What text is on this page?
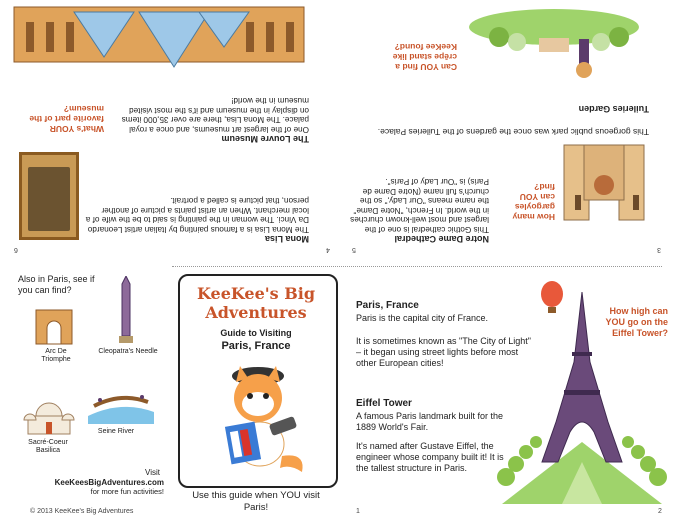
6	5
4	3
Can YOU find a crêpe stand like KeeKee found?
Tuileries Garden
This gorgeous public park was once the gardens of the Tuileries Palace.
How many gargoyles can YOU find?
Notre Dame Cathedral
This Gothic cathedral is one of the largest and most well-known churches in the world. In French, "Notre Dame" the name means "Our Lady," so the church's full name (Notre Dame de Paris) is "Our Lady of Paris".
The Louvre Museum
One of the largest art museums, and once a royal palace. The Mona Lisa, there are over 35,000 items on display in the museum and it's the most visited museum in the world!
What's YOUR favorite part of the museum?
Mona Lisa
The Mona Lisa is a famous painting by Italian artist Leonardo Da Vinci. The woman in the painting is said to be the wife of a local merchant. When an artist paints a picture of another person, that picture is called a portrait.
Also in Paris, see if you can find?
Arc De Triomphe
Cleopatra's Needle
Sacré-Coeur Basilica
Seine River
Visit
KeeKeesBigAdventures.com
for more fun activities!
© 2013 KeeKee's Big Adventures
KeeKee's Big Adventures
Guide to Visiting
Paris, France
Use this guide when YOU visit Paris!
Paris, France
Paris is the capital city of France.
It is sometimes known as "The City of Light" – it began using street lights before most other European cities!
Eiffel Tower
A famous Paris landmark built for the 1889 World's Fair.
It's named after Gustave Eiffel, the engineer whose company built it! It is the tallest structure in Paris.
How high can YOU go on the Eiffel Tower?
1	2
